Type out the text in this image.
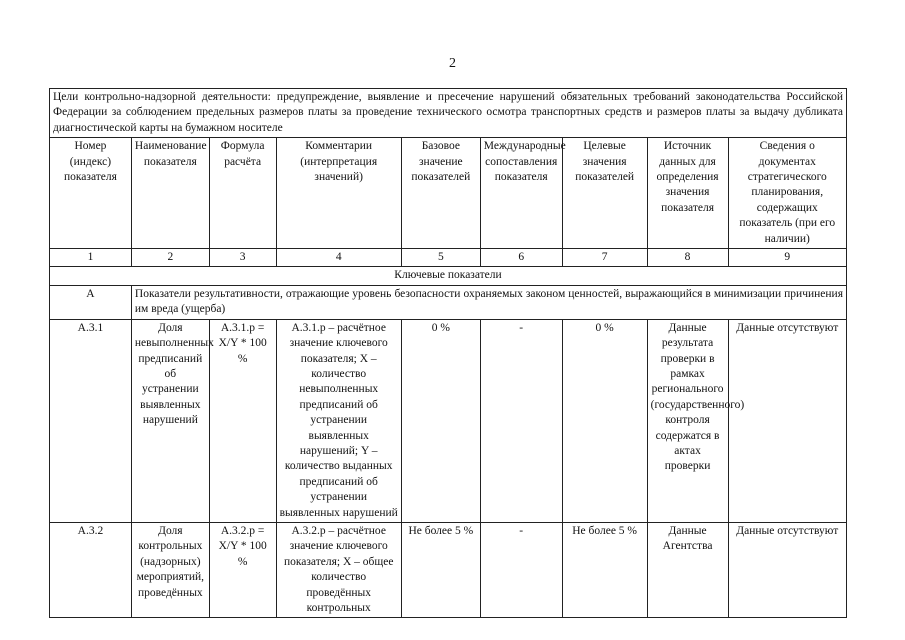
2
Цели контрольно-надзорной деятельности: предупреждение, выявление и пресечение нарушений обязательных требований законодательства Российской Федерации за соблюдением предельных размеров платы за проведение технического осмотра транспортных средств и размеров платы за выдачу дубликата диагностической карты на бумажном носителе								
Номер (индекс) показателя	Наименование показателя	Формула расчёта	Комментарии (интерпретация значений)	Базовое значение показателей	Международные сопоставления показателя	Целевые значения показателей	Источник данных для определения значения показателя	Сведения о документах стратегического планирования, содержащих показатель (при его наличии)
1	2	3	4	5	6	7	8	9
Ключевые показатели								
А	Показатели результативности, отражающие уровень безопасности охраняемых законом ценностей, выражающийся в минимизации причинения им вреда (ущерба)							
А.3.1	Доля невыполненных предписаний об устранении выявленных нарушений	А.3.1.р = X/Y * 100 %	А.3.1.р – расчётное значение ключевого показателя; X – количество невыполненных предписаний об устранении выявленных нарушений; Y – количество выданных предписаний об устранении выявленных нарушений	0 %	-	0 %	Данные результата проверки в рамках регионального (государственного) контроля содержатся в актах проверки	Данные отсутствуют
А.3.2	Доля контрольных (надзорных) мероприятий, проведённых	А.3.2.р = X/Y * 100 %	А.3.2.р – расчётное значение ключевого показателя; X – общее количество проведённых контрольных	Не более 5 %	-	Не более 5 %	Данные Агентства	Данные отсутствуют
